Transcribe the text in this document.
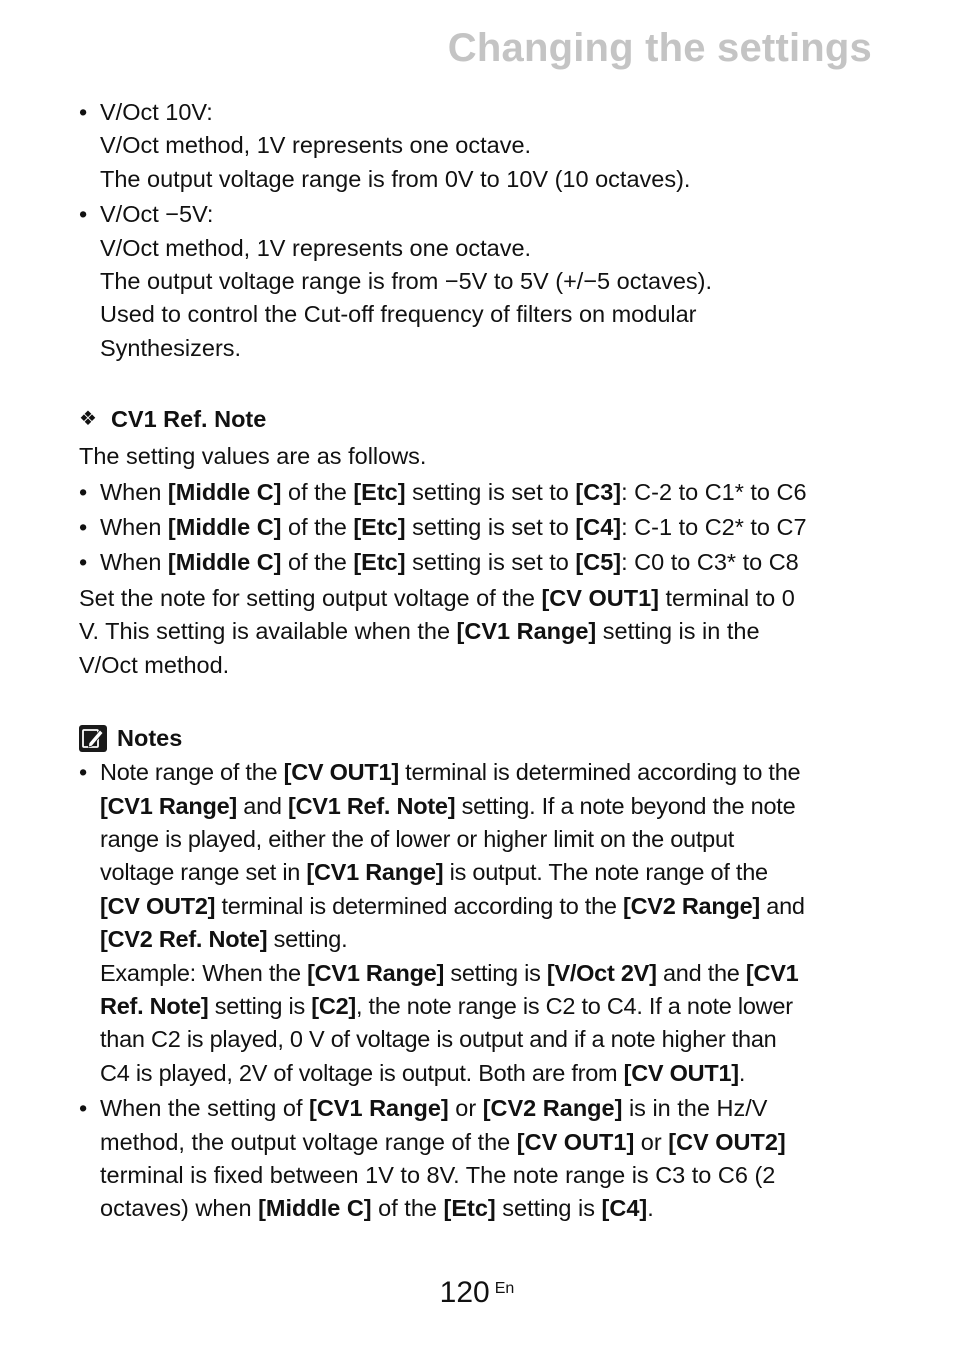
Changing the settings
• V/Oct 10V:
V/Oct method, 1V represents one octave.
The output voltage range is from 0V to 10V (10 octaves).
• V/Oct −5V:
V/Oct method, 1V represents one octave.
The output voltage range is from −5V to 5V (+/−5 octaves).
Used to control the Cut-off frequency of filters on modular
Synthesizers.
❖ CV1 Ref. Note
The setting values are as follows.
• When [Middle C] of the [Etc] setting is set to [C3]: C-2 to C1* to C6
• When [Middle C] of the [Etc] setting is set to [C4]: C-1 to C2* to C7
• When [Middle C] of the [Etc] setting is set to [C5]: C0 to C3* to C8
Set the note for setting output voltage of the [CV OUT1] terminal to 0
V. This setting is available when the [CV1 Range] setting is in the
V/Oct method.
Notes
• Note range of the [CV OUT1] terminal is determined according to the
[CV1 Range] and [CV1 Ref. Note] setting. If a note beyond the note
range is played, either the of lower or higher limit on the output
voltage range set in [CV1 Range] is output. The note range of the
[CV OUT2] terminal is determined according to the [CV2 Range] and
[CV2 Ref. Note] setting.
Example: When the [CV1 Range] setting is [V/Oct 2V] and the [CV1
Ref. Note] setting is [C2], the note range is C2 to C4. If a note lower
than C2 is played, 0 V of voltage is output and if a note higher than
C4 is played, 2V of voltage is output. Both are from [CV OUT1].
• When the setting of [CV1 Range] or [CV2 Range] is in the Hz/V
method, the output voltage range of the [CV OUT1] or [CV OUT2]
terminal is fixed between 1V to 8V. The note range is C3 to C6 (2
octaves) when [Middle C] of the [Etc] setting is [C4].
120 $^{En}$
